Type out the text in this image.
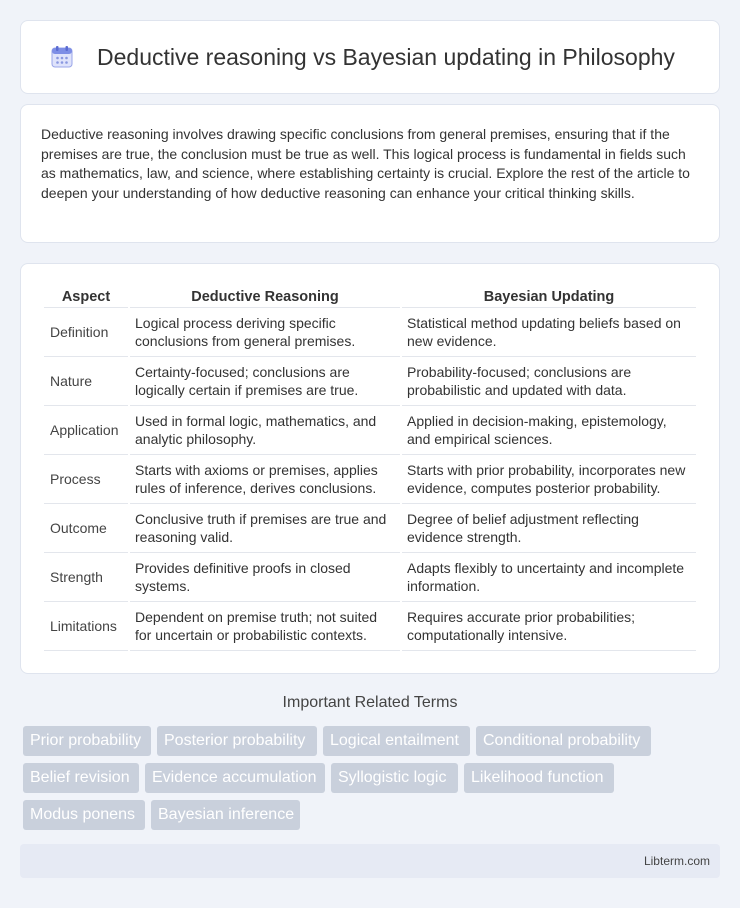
Deductive reasoning vs Bayesian updating in Philosophy

Deductive reasoning involves drawing specific conclusions from general premises, ensuring that if the premises are true, the conclusion must be true as well. This logical process is fundamental in fields such as mathematics, law, and science, where establishing certainty is crucial. Explore the rest of the article to deepen your understanding of how deductive reasoning can enhance your critical thinking skills.

Aspect	Deductive Reasoning	Bayesian Updating
Definition	Logical process deriving specific conclusions from general premises.	Statistical method updating beliefs based on new evidence.
Nature	Certainty-focused; conclusions are logically certain if premises are true.	Probability-focused; conclusions are probabilistic and updated with data.
Application	Used in formal logic, mathematics, and analytic philosophy.	Applied in decision-making, epistemology, and empirical sciences.
Process	Starts with axioms or premises, applies rules of inference, derives conclusions.	Starts with prior probability, incorporates new evidence, computes posterior probability.
Outcome	Conclusive truth if premises are true and reasoning valid.	Degree of belief adjustment reflecting evidence strength.
Strength	Provides definitive proofs in closed systems.	Adapts flexibly to uncertainty and incomplete information.
Limitations	Dependent on premise truth; not suited for uncertain or probabilistic contexts.	Requires accurate prior probabilities; computationally intensive.
Important Related Terms
Prior probability	Posterior probability	Logical entailment	Conditional probability
Belief revision	Evidence accumulation	Syllogistic logic	Likelihood function
Modus ponens	Bayesian inference
Libterm.com
